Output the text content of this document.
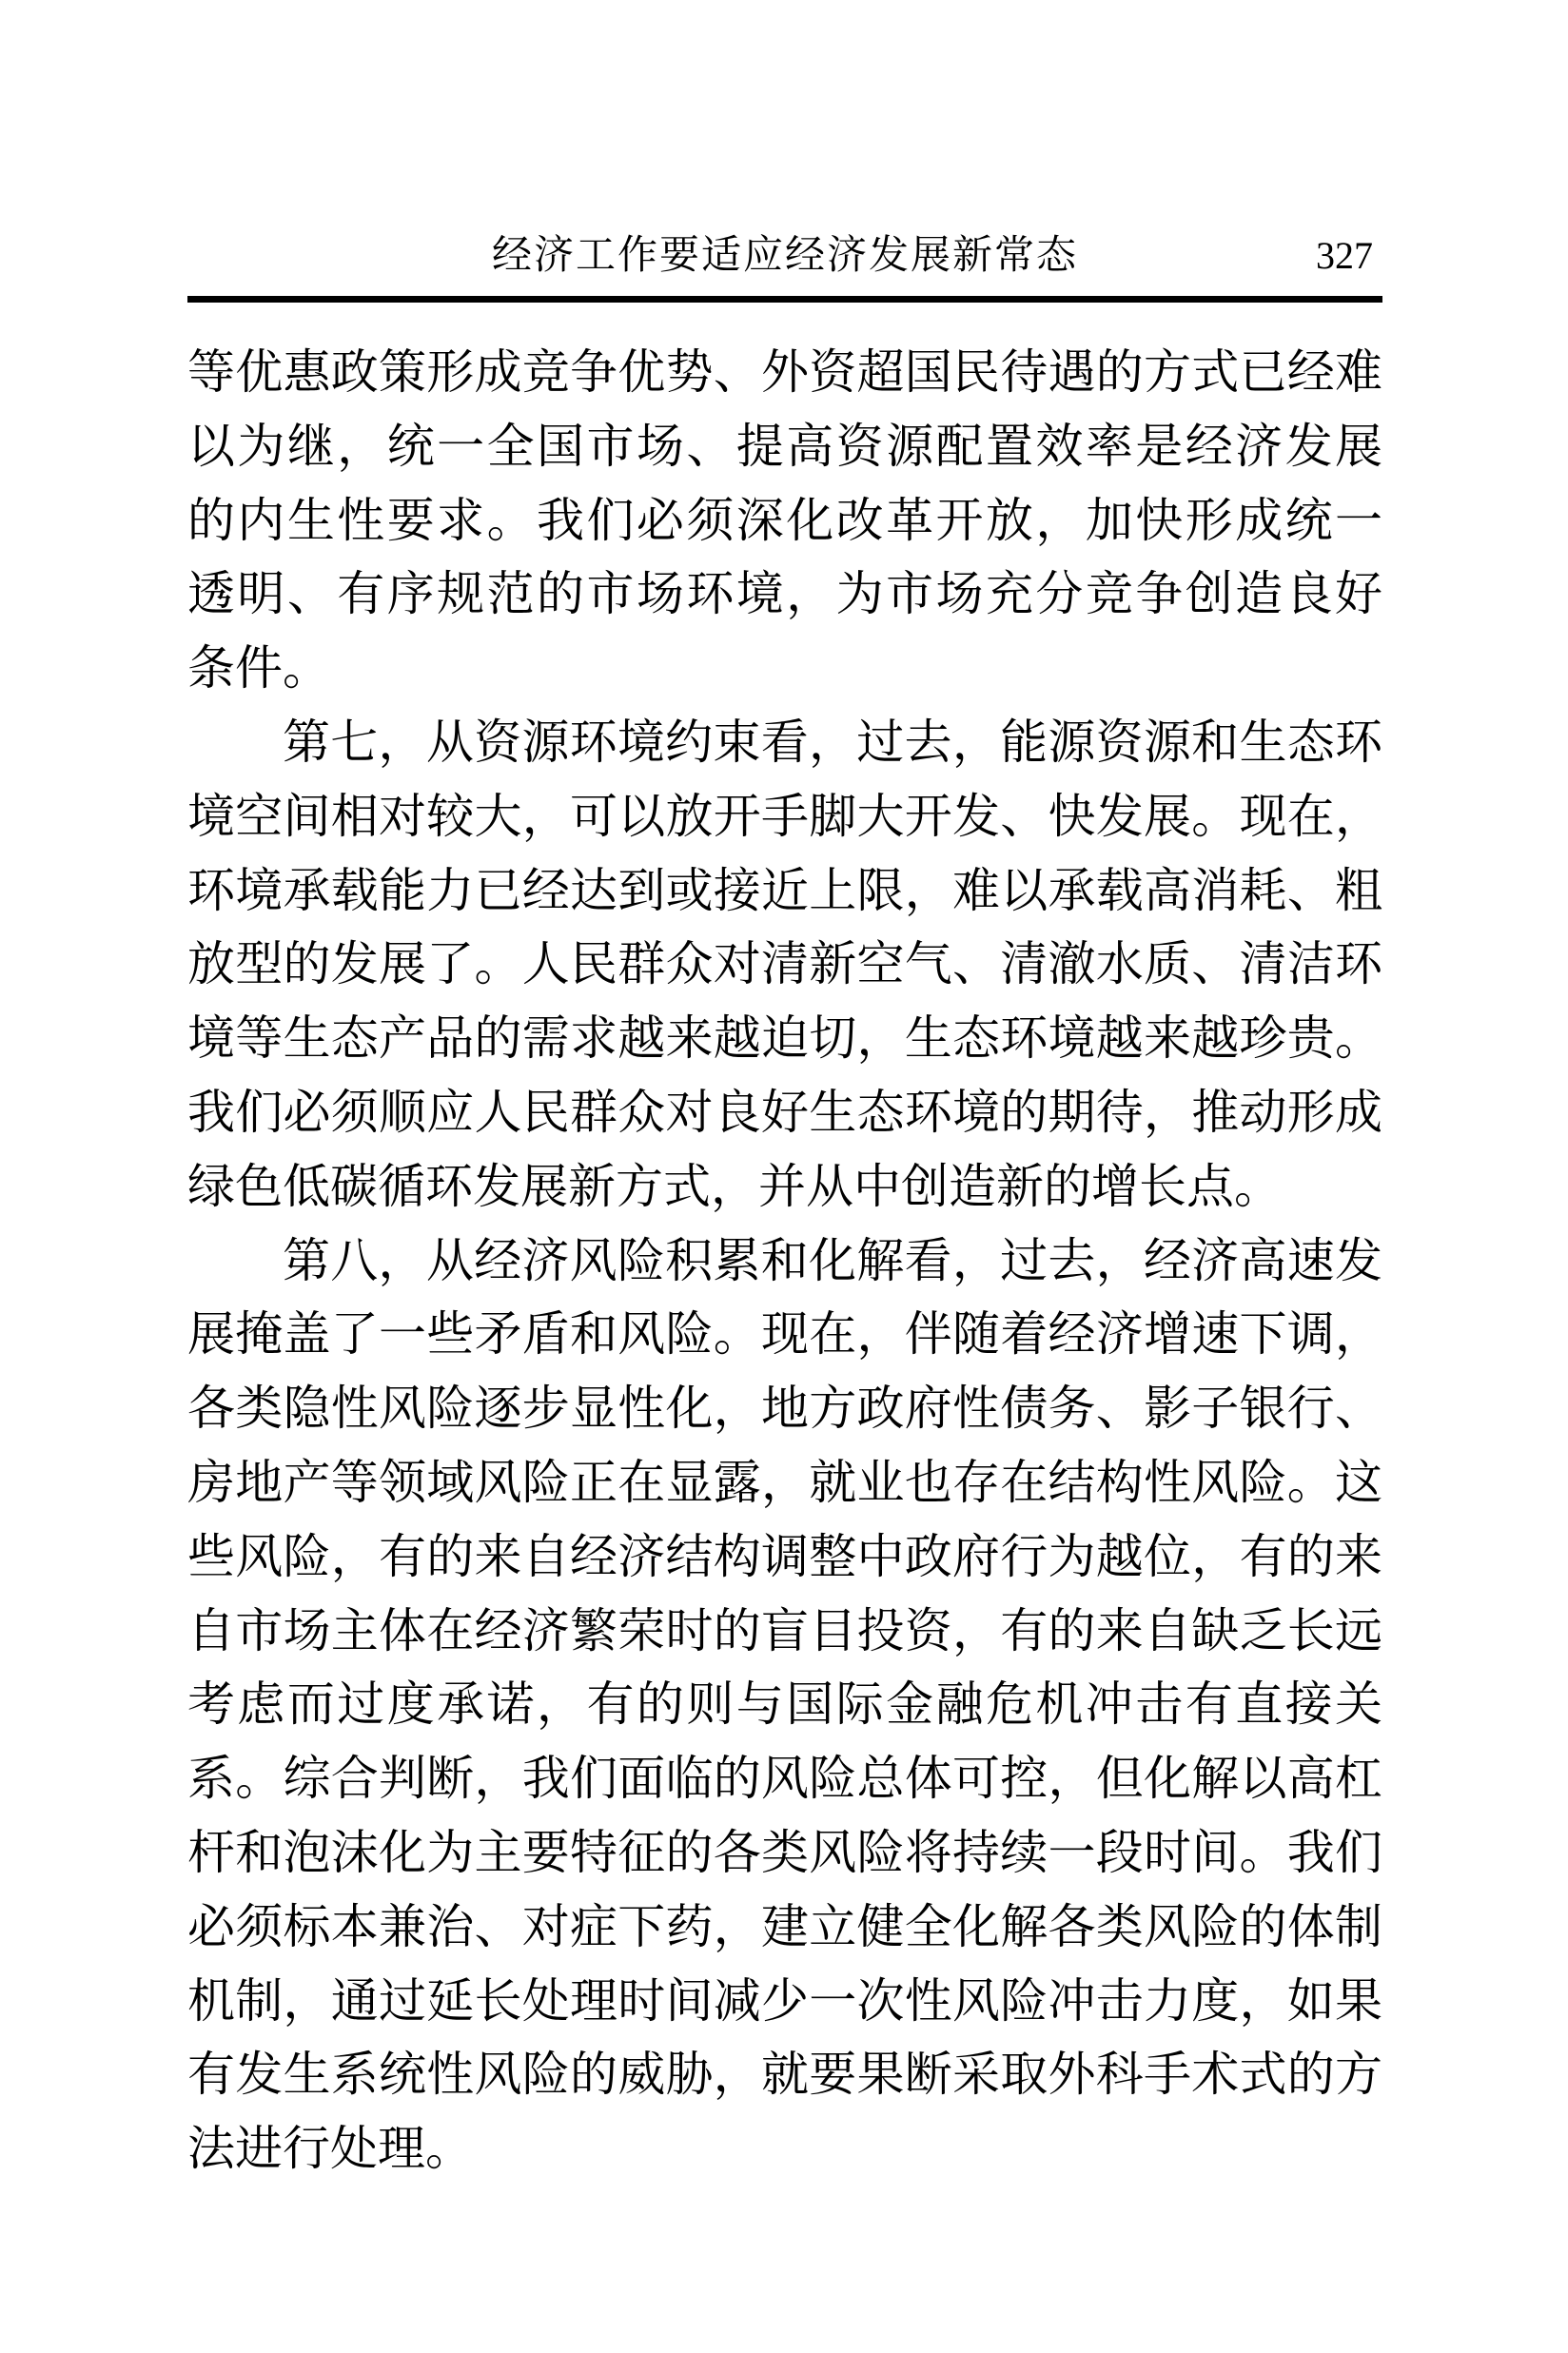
经济工作要适应经济发展新常态	327
等优惠政策形成竞争优势、外资超国民待遇的方式已经难
以为继，统一全国市场、提高资源配置效率是经济发展
的内生性要求。我们必须深化改革开放，加快形成统一
透明、有序规范的市场环境，为市场充分竞争创造良好
条件。
第七，从资源环境约束看，过去，能源资源和生态环
境空间相对较大，可以放开手脚大开发、快发展。现在，
环境承载能力已经达到或接近上限，难以承载高消耗、粗
放型的发展了。人民群众对清新空气、清澈水质、清洁环
境等生态产品的需求越来越迫切，生态环境越来越珍贵。
我们必须顺应人民群众对良好生态环境的期待，推动形成
绿色低碳循环发展新方式，并从中创造新的增长点。
第八，从经济风险积累和化解看，过去，经济高速发
展掩盖了一些矛盾和风险。现在，伴随着经济增速下调，
各类隐性风险逐步显性化，地方政府性债务、影子银行、
房地产等领域风险正在显露，就业也存在结构性风险。这
些风险，有的来自经济结构调整中政府行为越位，有的来
自市场主体在经济繁荣时的盲目投资，有的来自缺乏长远
考虑而过度承诺，有的则与国际金融危机冲击有直接关
系。综合判断，我们面临的风险总体可控，但化解以高杠
杆和泡沫化为主要特征的各类风险将持续一段时间。我们
必须标本兼治、对症下药，建立健全化解各类风险的体制
机制，通过延长处理时间减少一次性风险冲击力度，如果
有发生系统性风险的威胁，就要果断采取外科手术式的方
法进行处理。
